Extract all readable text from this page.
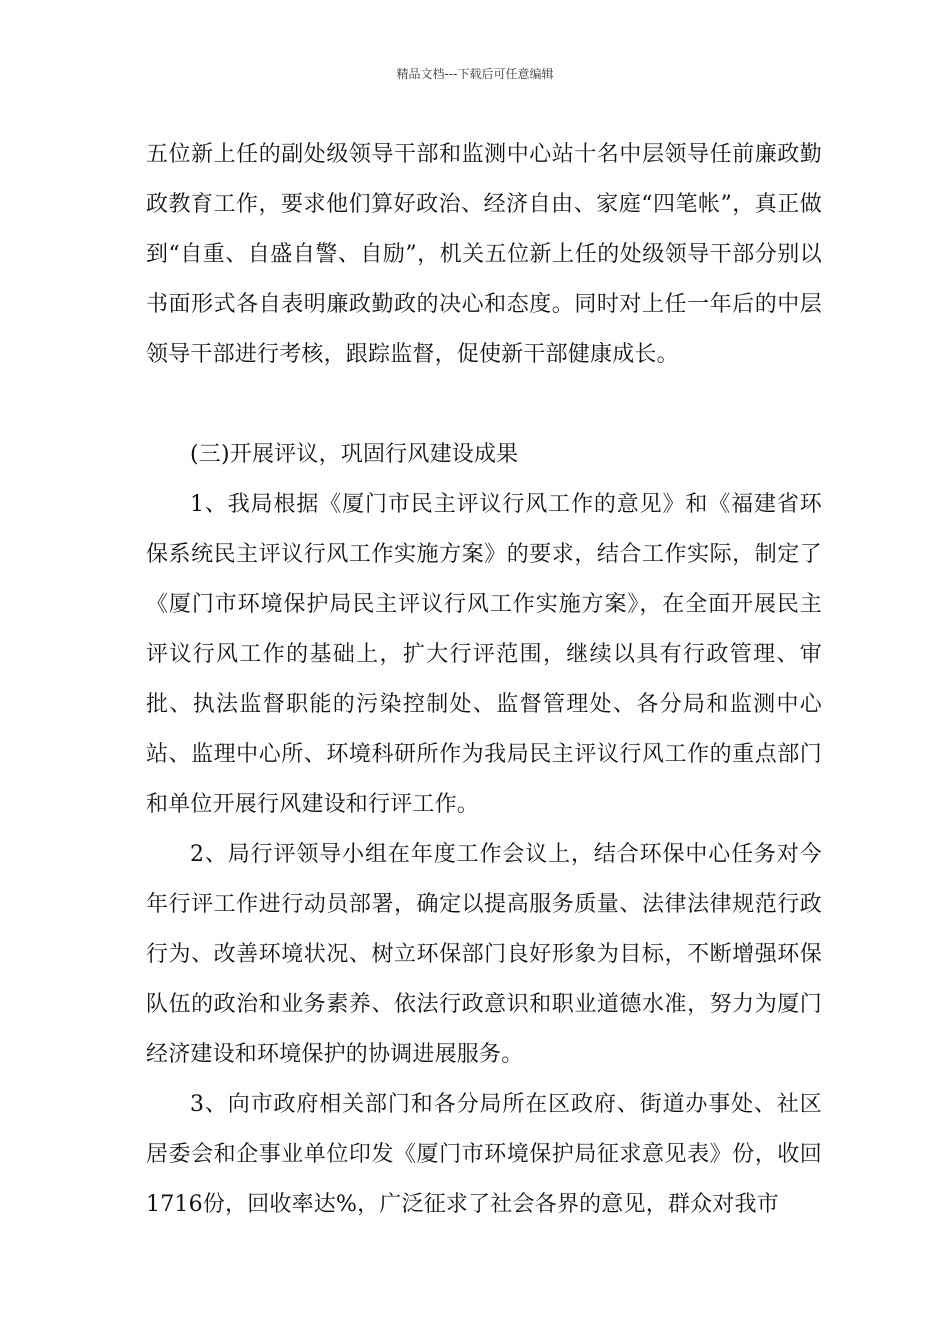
精品文档---下载后可任意编辑

五位新上任的副处级领导干部和监测中心站十名中层领导任前廉政勤政教育工作，要求他们算好政治、经济自由、家庭“四笔帐”，真正做到“自重、自盛自警、自励”，机关五位新上任的处级领导干部分别以书面形式各自表明廉政勤政的决心和态度。同时对上任一年后的中层领导干部进行考核，跟踪监督，促使新干部健康成长。

(三)开展评议，巩固行风建设成果

1、我局根据《厦门市民主评议行风工作的意见》和《福建省环保系统民主评议行风工作实施方案》的要求，结合工作实际，制定了《厦门市环境保护局民主评议行风工作实施方案》，在全面开展民主评议行风工作的基础上，扩大行评范围，继续以具有行政管理、审批、执法监督职能的污染控制处、监督管理处、各分局和监测中心站、监理中心所、环境科研所作为我局民主评议行风工作的重点部门和单位开展行风建设和行评工作。

2、局行评领导小组在年度工作会议上，结合环保中心任务对今年行评工作进行动员部署，确定以提高服务质量、法律法律规范行政行为、改善环境状况、树立环保部门良好形象为目标，不断增强环保队伍的政治和业务素养、依法行政意识和职业道德水准，努力为厦门经济建设和环境保护的协调进展服务。

3、向市政府相关部门和各分局所在区政府、街道办事处、社区居委会和企事业单位印发《厦门市环境保护局征求意见表》份，收回1716份，回收率达%，广泛征求了社会各界的意见，群众对我市
